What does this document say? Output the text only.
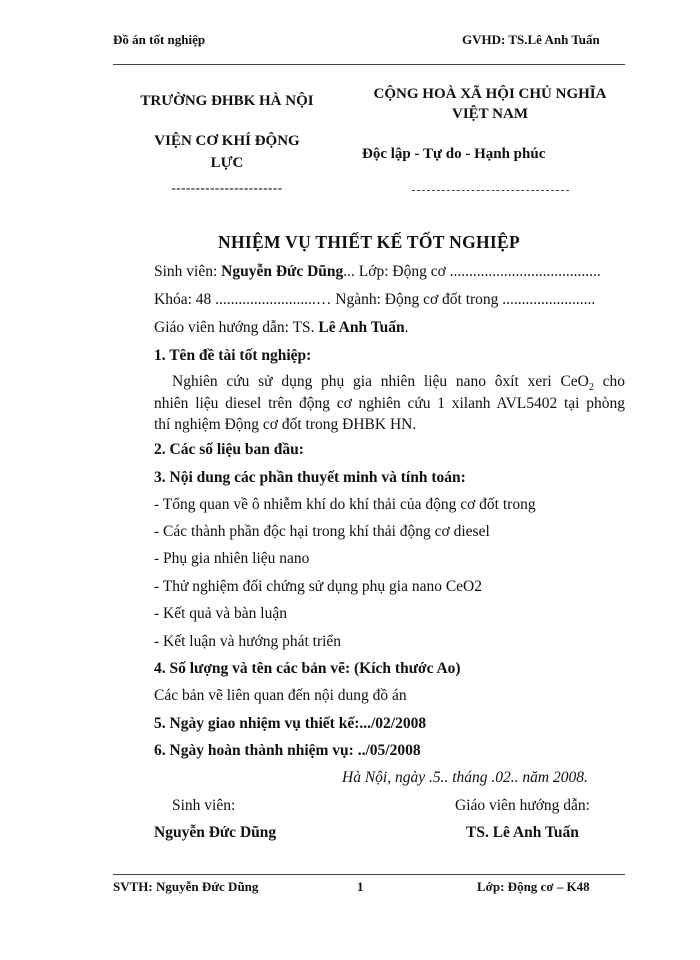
Đồ án tốt nghiệp	GVHD: TS.Lê Anh Tuấn
TRƯỜNG ĐHBK HÀ NỘI
VIỆN CƠ KHÍ ĐỘNG
LỰC
-----------------------
CỘNG HOÀ XÃ HỘI CHỦ NGHĨA
VIỆT NAM
Độc lập - Tự do - Hạnh phúc
NHIỆM VỤ THIẾT KẾ TỐT NGHIỆP
Sinh viên: Nguyễn Đức Dũng... Lớp: Động cơ .......................................
Khóa: 48 ..........................… Ngành: Động cơ đốt trong ........................
Giáo viên hướng dẫn: TS. Lê Anh Tuấn.
1. Tên đề tài tốt nghiệp:
Nghiên cứu sử dụng phụ gia nhiên liệu nano ôxít xeri CeO$_2$ cho
nhiên liệu diesel trên động cơ nghiên cứu 1 xilanh AVL5402 tại phòng
thí nghiệm Động cơ đốt trong ĐHBK HN.
2. Các số liệu ban đầu:
3. Nội dung các phần thuyết minh và tính toán:
- Tổng quan về ô nhiễm khí do khí thải của động cơ đốt trong
- Các thành phần độc hại trong khí thải động cơ diesel
- Phụ gia nhiên liệu nano
- Thử nghiệm đối chứng sử dụng phụ gia nano CeO2
- Kết quả và bàn luận
- Kết luận và hướng phát triển
4. Số lượng và tên các bản vẽ: (Kích thước Ao)
Các bản vẽ liên quan đến nội dung đồ án
5. Ngày giao nhiệm vụ thiết kế:.../02/2008
6. Ngày hoàn thành nhiệm vụ: ../05/2008
Hà Nội, ngày .5.. tháng .02.. năm 2008.
Sinh viên:	Giáo viên hướng dẫn:
Nguyễn Đức Dũng	TS. Lê Anh Tuấn
SVTH: Nguyễn Đức Dũng	1	Lớp: Động cơ – K48
